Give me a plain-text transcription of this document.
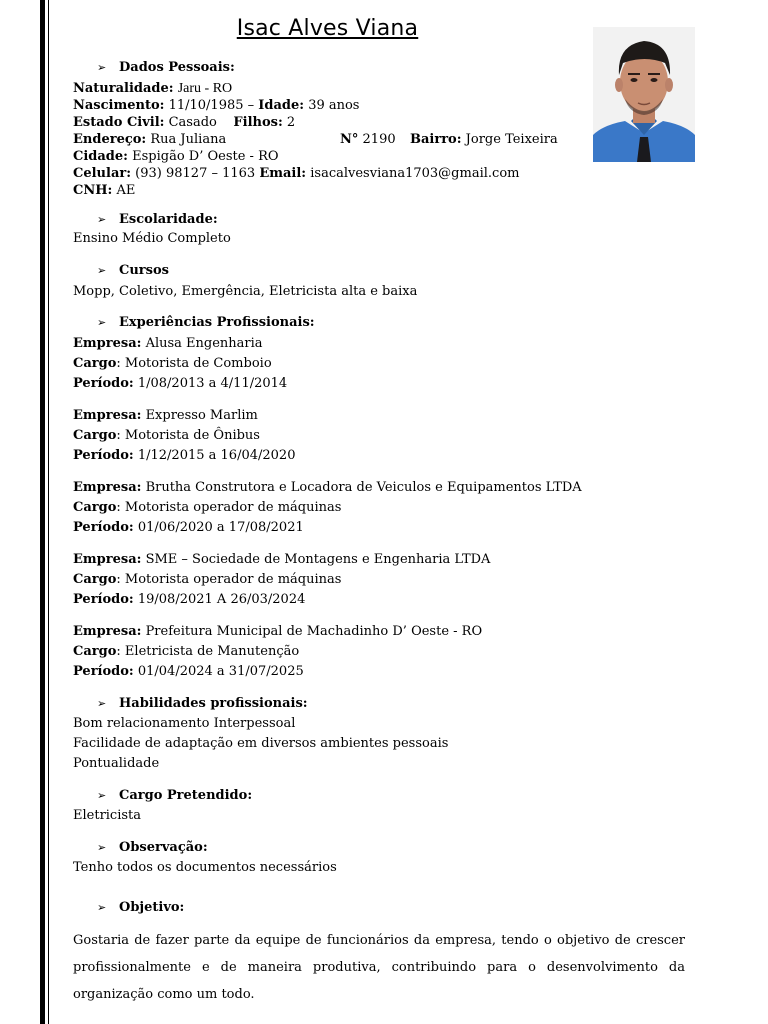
Isac Alves Viana
➢ Dados Pessoais:
Naturalidade: Jaru - RO
Nascimento: 11/10/1985 – Idade: 39 anos
Estado Civil: Casado Filhos: 2
Endereço: Rua Juliana	N° 2190 Bairro: Jorge Teixeira
Cidade: Espigão D’ Oeste - RO
Celular: (93) 98127 – 1163 Email: isacalvesviana1703@gmail.com
CNH: AE
➢ Escolaridade:
Ensino Médio Completo
➢ Cursos
Mopp, Coletivo, Emergência, Eletricista alta e baixa
➢ Experiências Profissionais:
Empresa: Alusa Engenharia
Cargo: Motorista de Comboio
Período: 1/08/2013 a 4/11/2014
Empresa: Expresso Marlim
Cargo: Motorista de Ônibus
Período: 1/12/2015 a 16/04/2020
Empresa: Brutha Construtora e Locadora de Veiculos e Equipamentos LTDA
Cargo: Motorista operador de máquinas
Período: 01/06/2020 a 17/08/2021
Empresa: SME – Sociedade de Montagens e Engenharia LTDA
Cargo: Motorista operador de máquinas
Período: 19/08/2021 A 26/03/2024
Empresa: Prefeitura Municipal de Machadinho D’ Oeste - RO
Cargo: Eletricista de Manutenção
Período: 01/04/2024 a 31/07/2025
➢ Habilidades profissionais:
Bom relacionamento Interpessoal
Facilidade de adaptação em diversos ambientes pessoais
Pontualidade
➢ Cargo Pretendido:
Eletricista
➢ Observação:
Tenho todos os documentos necessários
➢ Objetivo:
Gostaria de fazer parte da equipe de funcionários da empresa, tendo o objetivo de crescer profissionalmente e de maneira produtiva, contribuindo para o desenvolvimento da organização como um todo.
